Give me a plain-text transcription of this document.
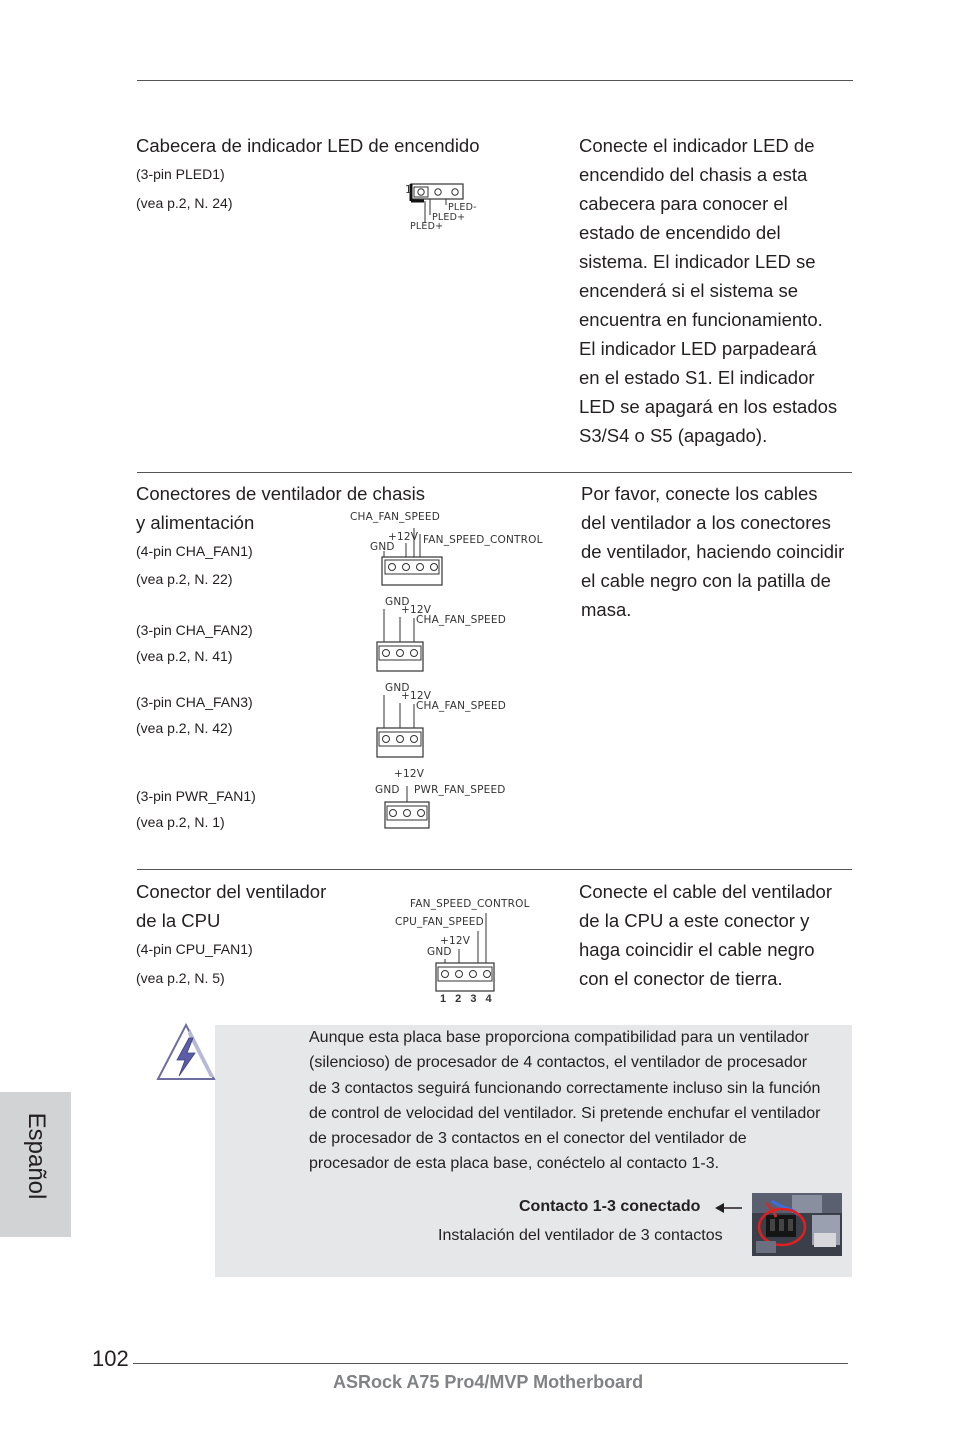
Cabecera de indicador LED de encendido
(3-pin PLED1)
(vea p.2, N. 24)
1
PLED-
PLED+
PLED+
Conecte el indicador LED de
encendido del chasis a esta
cabecera para conocer el
estado de encendido del
sistema. El indicador LED se
encenderá si el sistema se
encuentra en funcionamiento.
El indicador LED parpadeará
en el estado S1. El indicador
LED se apagará en los estados
S3/S4 o S5 (apagado).
Conectores de ventilador de chasis
y alimentación
(4-pin CHA_FAN1)
(vea p.2, N. 22)
(3-pin CHA_FAN2)
(vea p.2, N. 41)
(3-pin CHA_FAN3)
(vea p.2, N. 42)
(3-pin PWR_FAN1)
(vea p.2, N. 1)
CHA_FAN_SPEED
+12V
GND
FAN_SPEED_CONTROL
GND
+12V
CHA_FAN_SPEED
GND
+12V
CHA_FAN_SPEED
+12V
GND PWR_FAN_SPEED
Por favor, conecte los cables
del ventilador a los conectores
de ventilador, haciendo coincidir
el cable negro con la patilla de
masa.
Conector del ventilador
de la CPU
(4-pin CPU_FAN1)
(vea p.2, N. 5)
FAN_SPEED_CONTROL
CPU_FAN_SPEED
+12V
GND
1 2 3 4
Conecte el cable del ventilador
de la CPU a este conector y
haga coincidir el cable negro
con el conector de tierra.
Aunque esta placa base proporciona compatibilidad para un ventilador
(silencioso) de procesador de 4 contactos, el ventilador de procesador
de 3 contactos seguirá funcionando correctamente incluso sin la función
de control de velocidad del ventilador. Si pretende enchufar el ventilador
de procesador de 3 contactos en el conector del ventilador de
procesador de esta placa base, conéctelo al contacto 1-3.
Contacto 1-3 conectado
Instalación del ventilador de 3 contactos
Español
102
ASRock A75 Pro4/MVP Motherboard
